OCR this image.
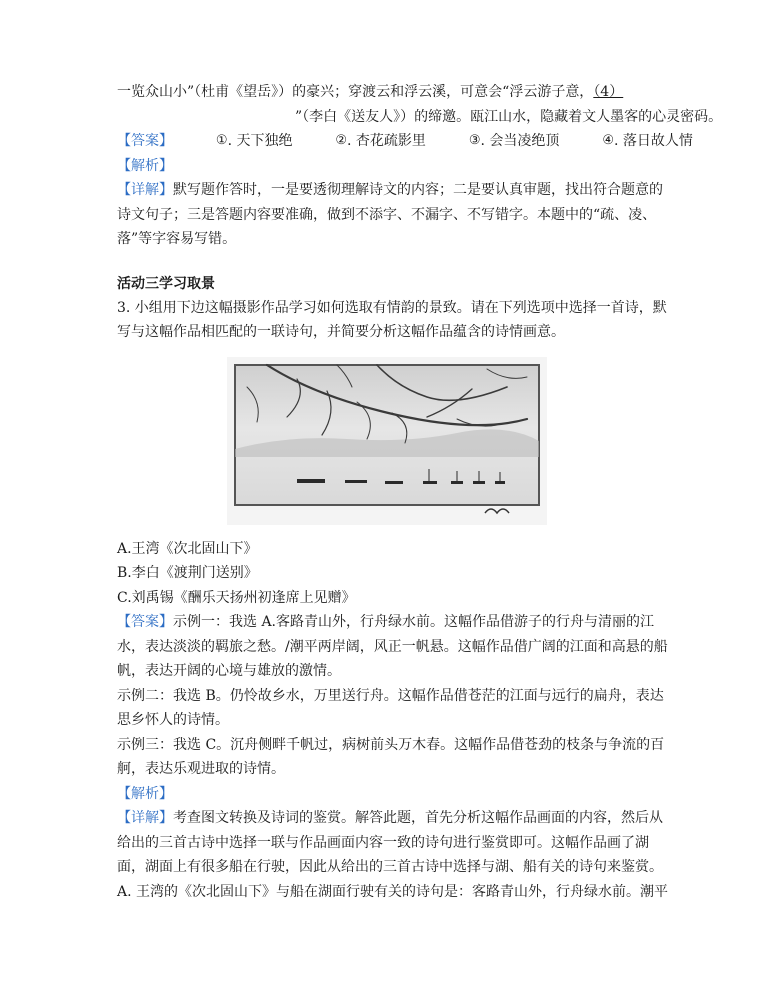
一览众山小”（杜甫《望岳》）的豪兴；穿渡云和浮云溪，可意会“浮云游子意，（4）
”（李白《送友人》）的缔邀。瓯江山水，隐藏着文人墨客的心灵密码。
【答案】	①. 天下独绝	②. 杏花疏影里	③. 会当凌绝顶	④. 落日故人情
【解析】
【详解】默写题作答时，一是要透彻理解诗文的内容；二是要认真审题，找出符合题意的
诗文句子；三是答题内容要准确，做到不添字、不漏字、不写错字。本题中的“疏、凌、
落”等字容易写错。
活动三学习取景
3. 小组用下边这幅摄影作品学习如何选取有情韵的景致。请在下列选项中选择一首诗，默
写与这幅作品相匹配的一联诗句，并简要分析这幅作品蕴含的诗情画意。
A.王湾《次北固山下》
B.李白《渡荆门送别》
C.刘禹锡《酬乐天扬州初逢席上见赠》
【答案】示例一：我选 A.客路青山外，行舟绿水前。这幅作品借游子的行舟与清丽的江
水，表达淡淡的羁旅之愁。/潮平两岸阔，风正一帆悬。这幅作品借广阔的江面和高悬的船
帆，表达开阔的心境与雄放的激情。
示例二：我选 B。仍怜故乡水，万里送行舟。这幅作品借苍茫的江面与远行的扁舟，表达
思乡怀人的诗情。
示例三：我选 C。沉舟侧畔千帆过，病树前头万木春。这幅作品借苍劲的枝条与争流的百
舸，表达乐观进取的诗情。
【解析】
【详解】考查图文转换及诗词的鉴赏。解答此题，首先分析这幅作品画面的内容，然后从
给出的三首古诗中选择一联与作品画面内容一致的诗句进行鉴赏即可。这幅作品画了湖
面，湖面上有很多船在行驶，因此从给出的三首古诗中选择与湖、船有关的诗句来鉴赏。
A. 王湾的《次北固山下》与船在湖面行驶有关的诗句是：客路青山外，行舟绿水前。潮平
